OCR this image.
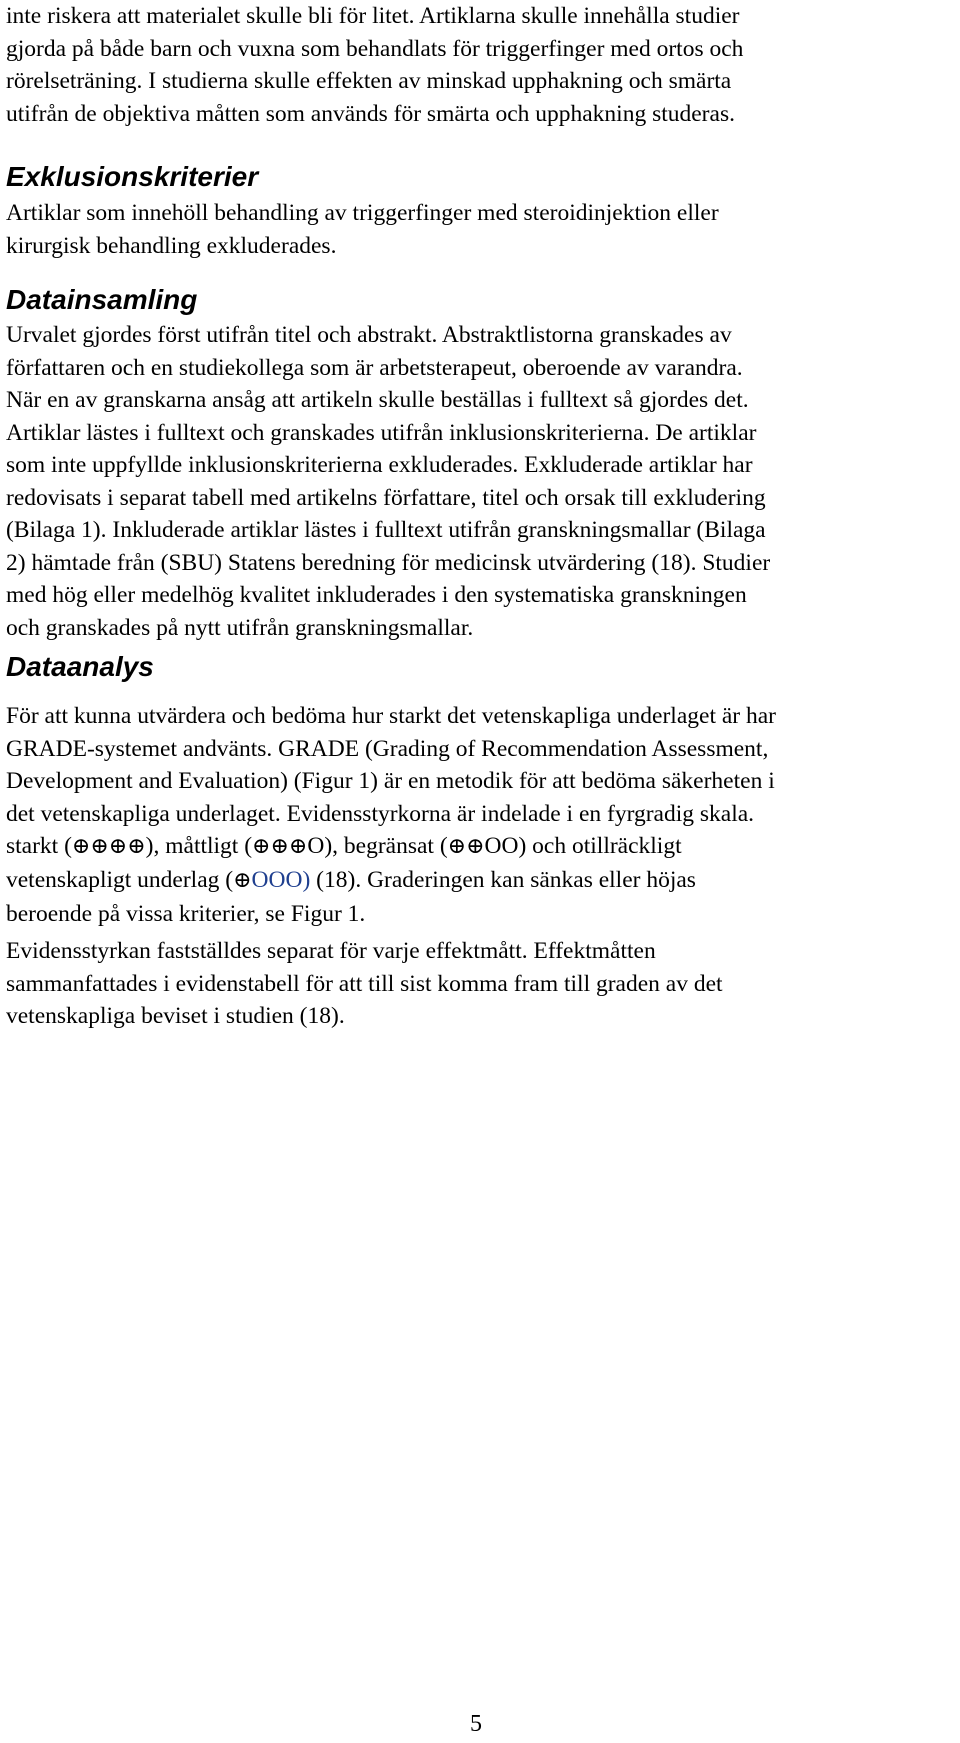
inte riskera att materialet skulle bli för litet. Artiklarna skulle innehålla studier
gjorda på både barn och vuxna som behandlats för triggerfinger med ortos och
rörelseträning. I studierna skulle effekten av minskad upphakning och smärta
utifrån de objektiva måtten som används för smärta och upphakning studeras.
Exklusionskriterier
Artiklar som innehöll behandling av triggerfinger med steroidinjektion eller
kirurgisk behandling exkluderades.
Datainsamling
Urvalet gjordes först utifrån titel och abstrakt. Abstraktlistorna granskades av
författaren och en studiekollega som är arbetsterapeut, oberoende av varandra.
När en av granskarna ansåg att artikeln skulle beställas i fulltext så gjordes det.
Artiklar lästes i fulltext och granskades utifrån inklusionskriterierna. De artiklar
som inte uppfyllde inklusionskriterierna exkluderades. Exkluderade artiklar har
redovisats i separat tabell med artikelns författare, titel och orsak till exkludering
(Bilaga 1). Inkluderade artiklar lästes i fulltext utifrån granskningsmallar (Bilaga
2) hämtade från (SBU) Statens beredning för medicinsk utvärdering (18). Studier
med hög eller medelhög kvalitet inkluderades i den systematiska granskningen
och granskades på nytt utifrån granskningsmallar.
Dataanalys
För att kunna utvärdera och bedöma hur starkt det vetenskapliga underlaget är har
GRADE-systemet andvänts. GRADE (Grading of Recommendation Assessment,
Development and Evaluation) (Figur 1) är en metodik för att bedöma säkerheten i
det vetenskapliga underlaget. Evidensstyrkorna är indelade i en fyrgradig skala.
starkt (⊕⊕⊕⊕), måttligt (⊕⊕⊕O), begränsat (⊕⊕OO) och otillräckligt
vetenskapligt underlag (⊕OOO) (18). Graderingen kan sänkas eller höjas
beroende på vissa kriterier, se Figur 1.
Evidensstyrkan fastställdes separat för varje effektmått. Effektmåtten
sammanfattades i evidenstabell för att till sist komma fram till graden av det
vetenskapliga beviset i studien (18).
5
